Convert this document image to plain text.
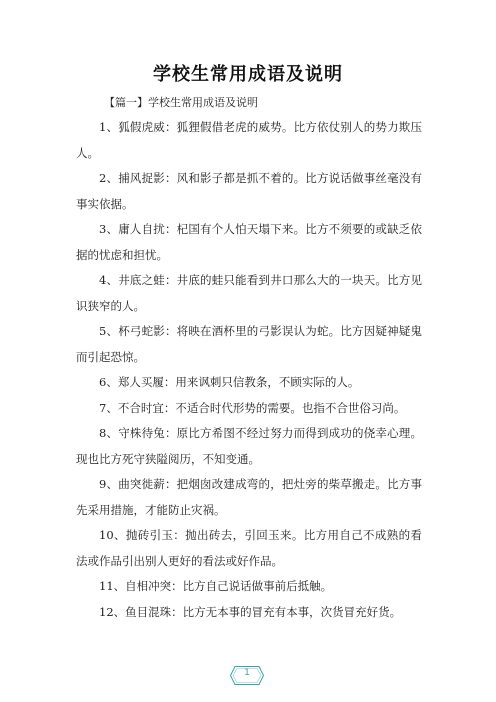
学校生常用成语及说明
【篇一】学校生常用成语及说明

1、狐假虎威：狐狸假借老虎的威势。比方依仗别人的势力欺压人。

2、捕风捉影：风和影子都是抓不着的。比方说话做事丝毫没有事实依据。

3、庸人自扰：杞国有个人怕天塌下来。比方不须要的或缺乏依据的忧虑和担忧。

4、井底之蛙：井底的蛙只能看到井口那么大的一块天。比方见识狭窄的人。

5、杯弓蛇影：将映在酒杯里的弓影误认为蛇。比方因疑神疑鬼而引起恐惊。

6、郑人买履：用来讽刺只信教条，不顾实际的人。

7、不合时宜：不适合时代形势的需要。也指不合世俗习尚。

8、守株待兔：原比方希图不经过努力而得到成功的侥幸心理。现也比方死守狭隘阅历，不知变通。

9、曲突徙薪：把烟囱改建成弯的，把灶旁的柴草搬走。比方事先采用措施，才能防止灾祸。

10、抛砖引玉：抛出砖去，引回玉来。比方用自己不成熟的看法或作品引出别人更好的看法或好作品。

11、自相冲突：比方自己说话做事前后抵触。

12、鱼目混珠：比方无本事的冒充有本事，次货冒充好货。

1
